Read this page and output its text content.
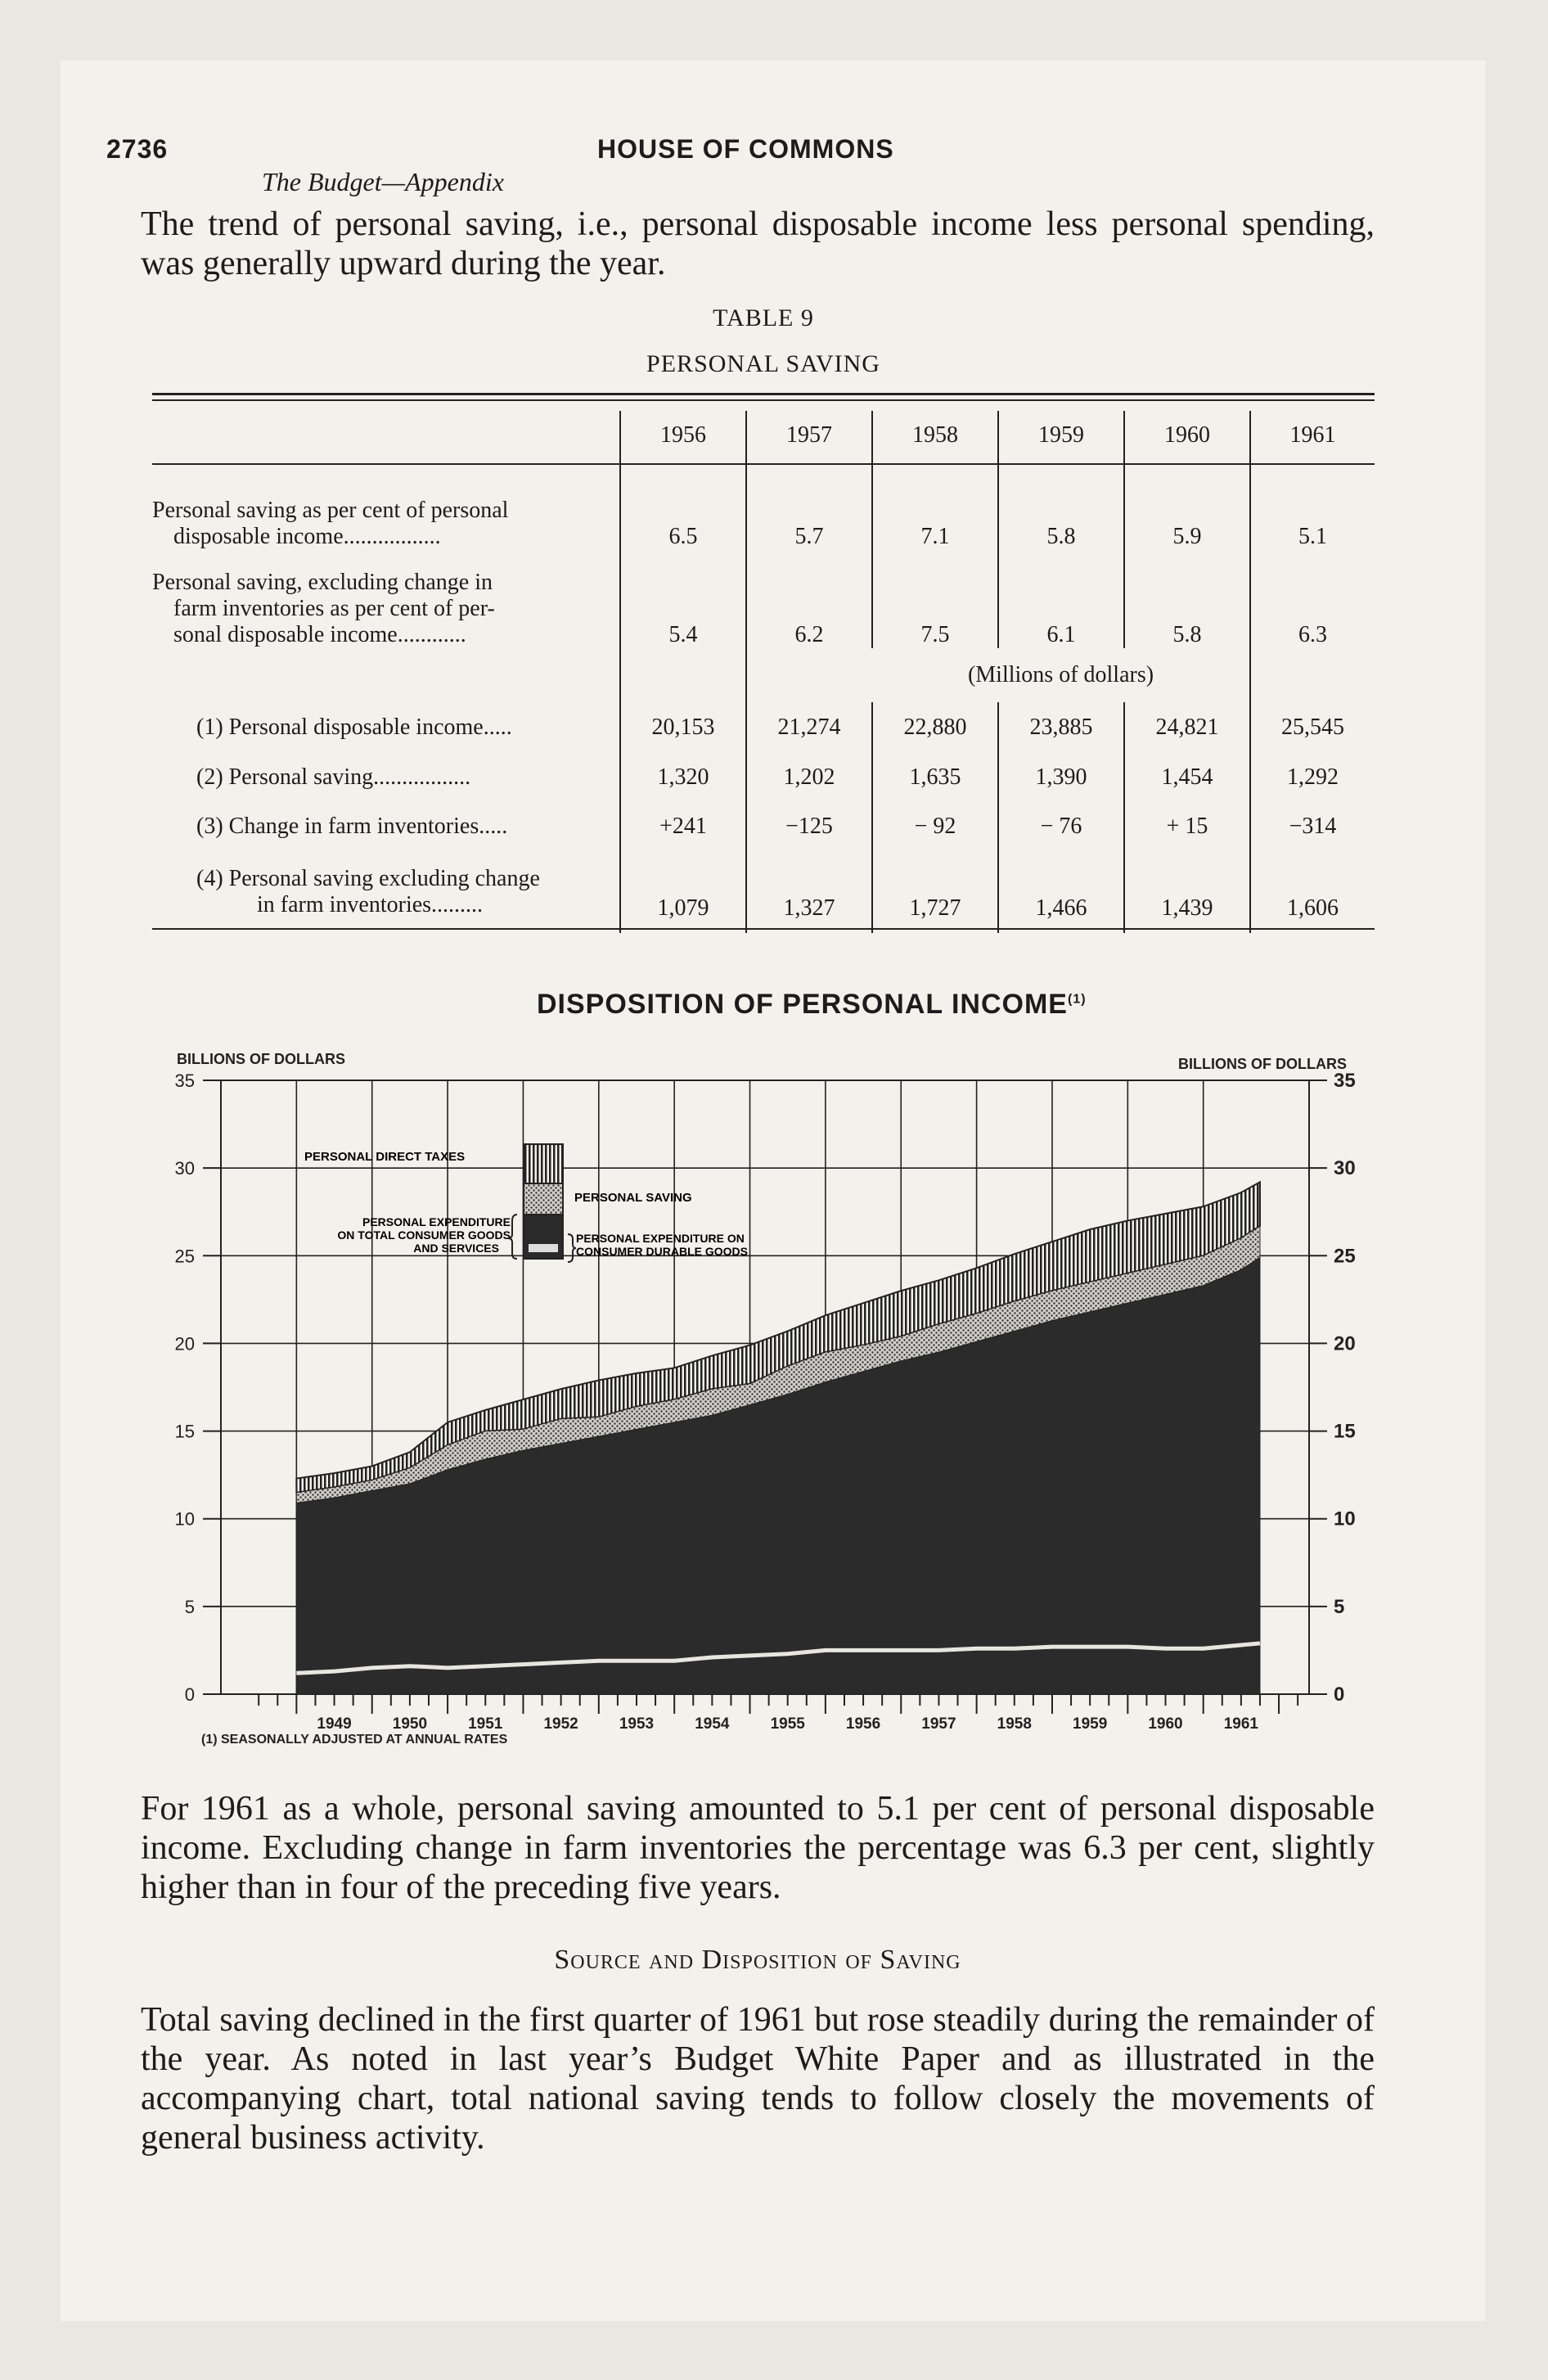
2736	HOUSE OF COMMONS
The Budget—Appendix
The trend of personal saving, i.e., personal disposable income less personal spending, was generally upward during the year.
TABLE 9
PERSONAL SAVING
	1956	1957	1958	1959	1960	1961

Personal saving as per cent of personal
disposable income.................	6.5	5.7	7.1	5.8	5.9	5.1

Personal saving, excluding change in
farm inventories as per cent of per-
sonal disposable income............	5.4	6.2	7.5	6.1	5.8	6.3
			(Millions of dollars)			
(1) Personal disposable income.....	20,153	21,274	22,880	23,885	24,821	25,545
(2) Personal saving.................	1,320	1,202	1,635	1,390	1,454	1,292
(3) Change in farm inventories.....	+241	−125	− 92	− 76	+ 15	−314

(4) Personal saving excluding change
in farm inventories.........	1,079	1,327	1,727	1,466	1,439	1,606
DISPOSITION OF PERSONAL INCOME$^{(1)}$
BILLIONS OF DOLLARS	BILLIONS OF DOLLARS
0	0
5	5
10	10
15	15
20	20
25	25
30	30
35	35
1949	1950	1951	1952	1953	1954	1955	1956	1957	1958	1959	1960	1961
PERSONAL DIRECT TAXES
PERSONAL SAVING
PERSONAL EXPENDITURE
ON TOTAL CONSUMER GOODS
AND SERVICES
PERSONAL EXPENDITURE ON
CONSUMER DURABLE GOODS
(1) SEASONALLY ADJUSTED AT ANNUAL RATES
For 1961 as a whole, personal saving amounted to 5.1 per cent of personal disposable income. Excluding change in farm inventories the percentage was 6.3 per cent, slightly higher than in four of the preceding five years.
Source and Disposition of Saving
Total saving declined in the first quarter of 1961 but rose steadily during the remainder of the year. As noted in last year’s Budget White Paper and as illustrated in the accompanying chart, total national saving tends to follow closely the movements of general business activity.
